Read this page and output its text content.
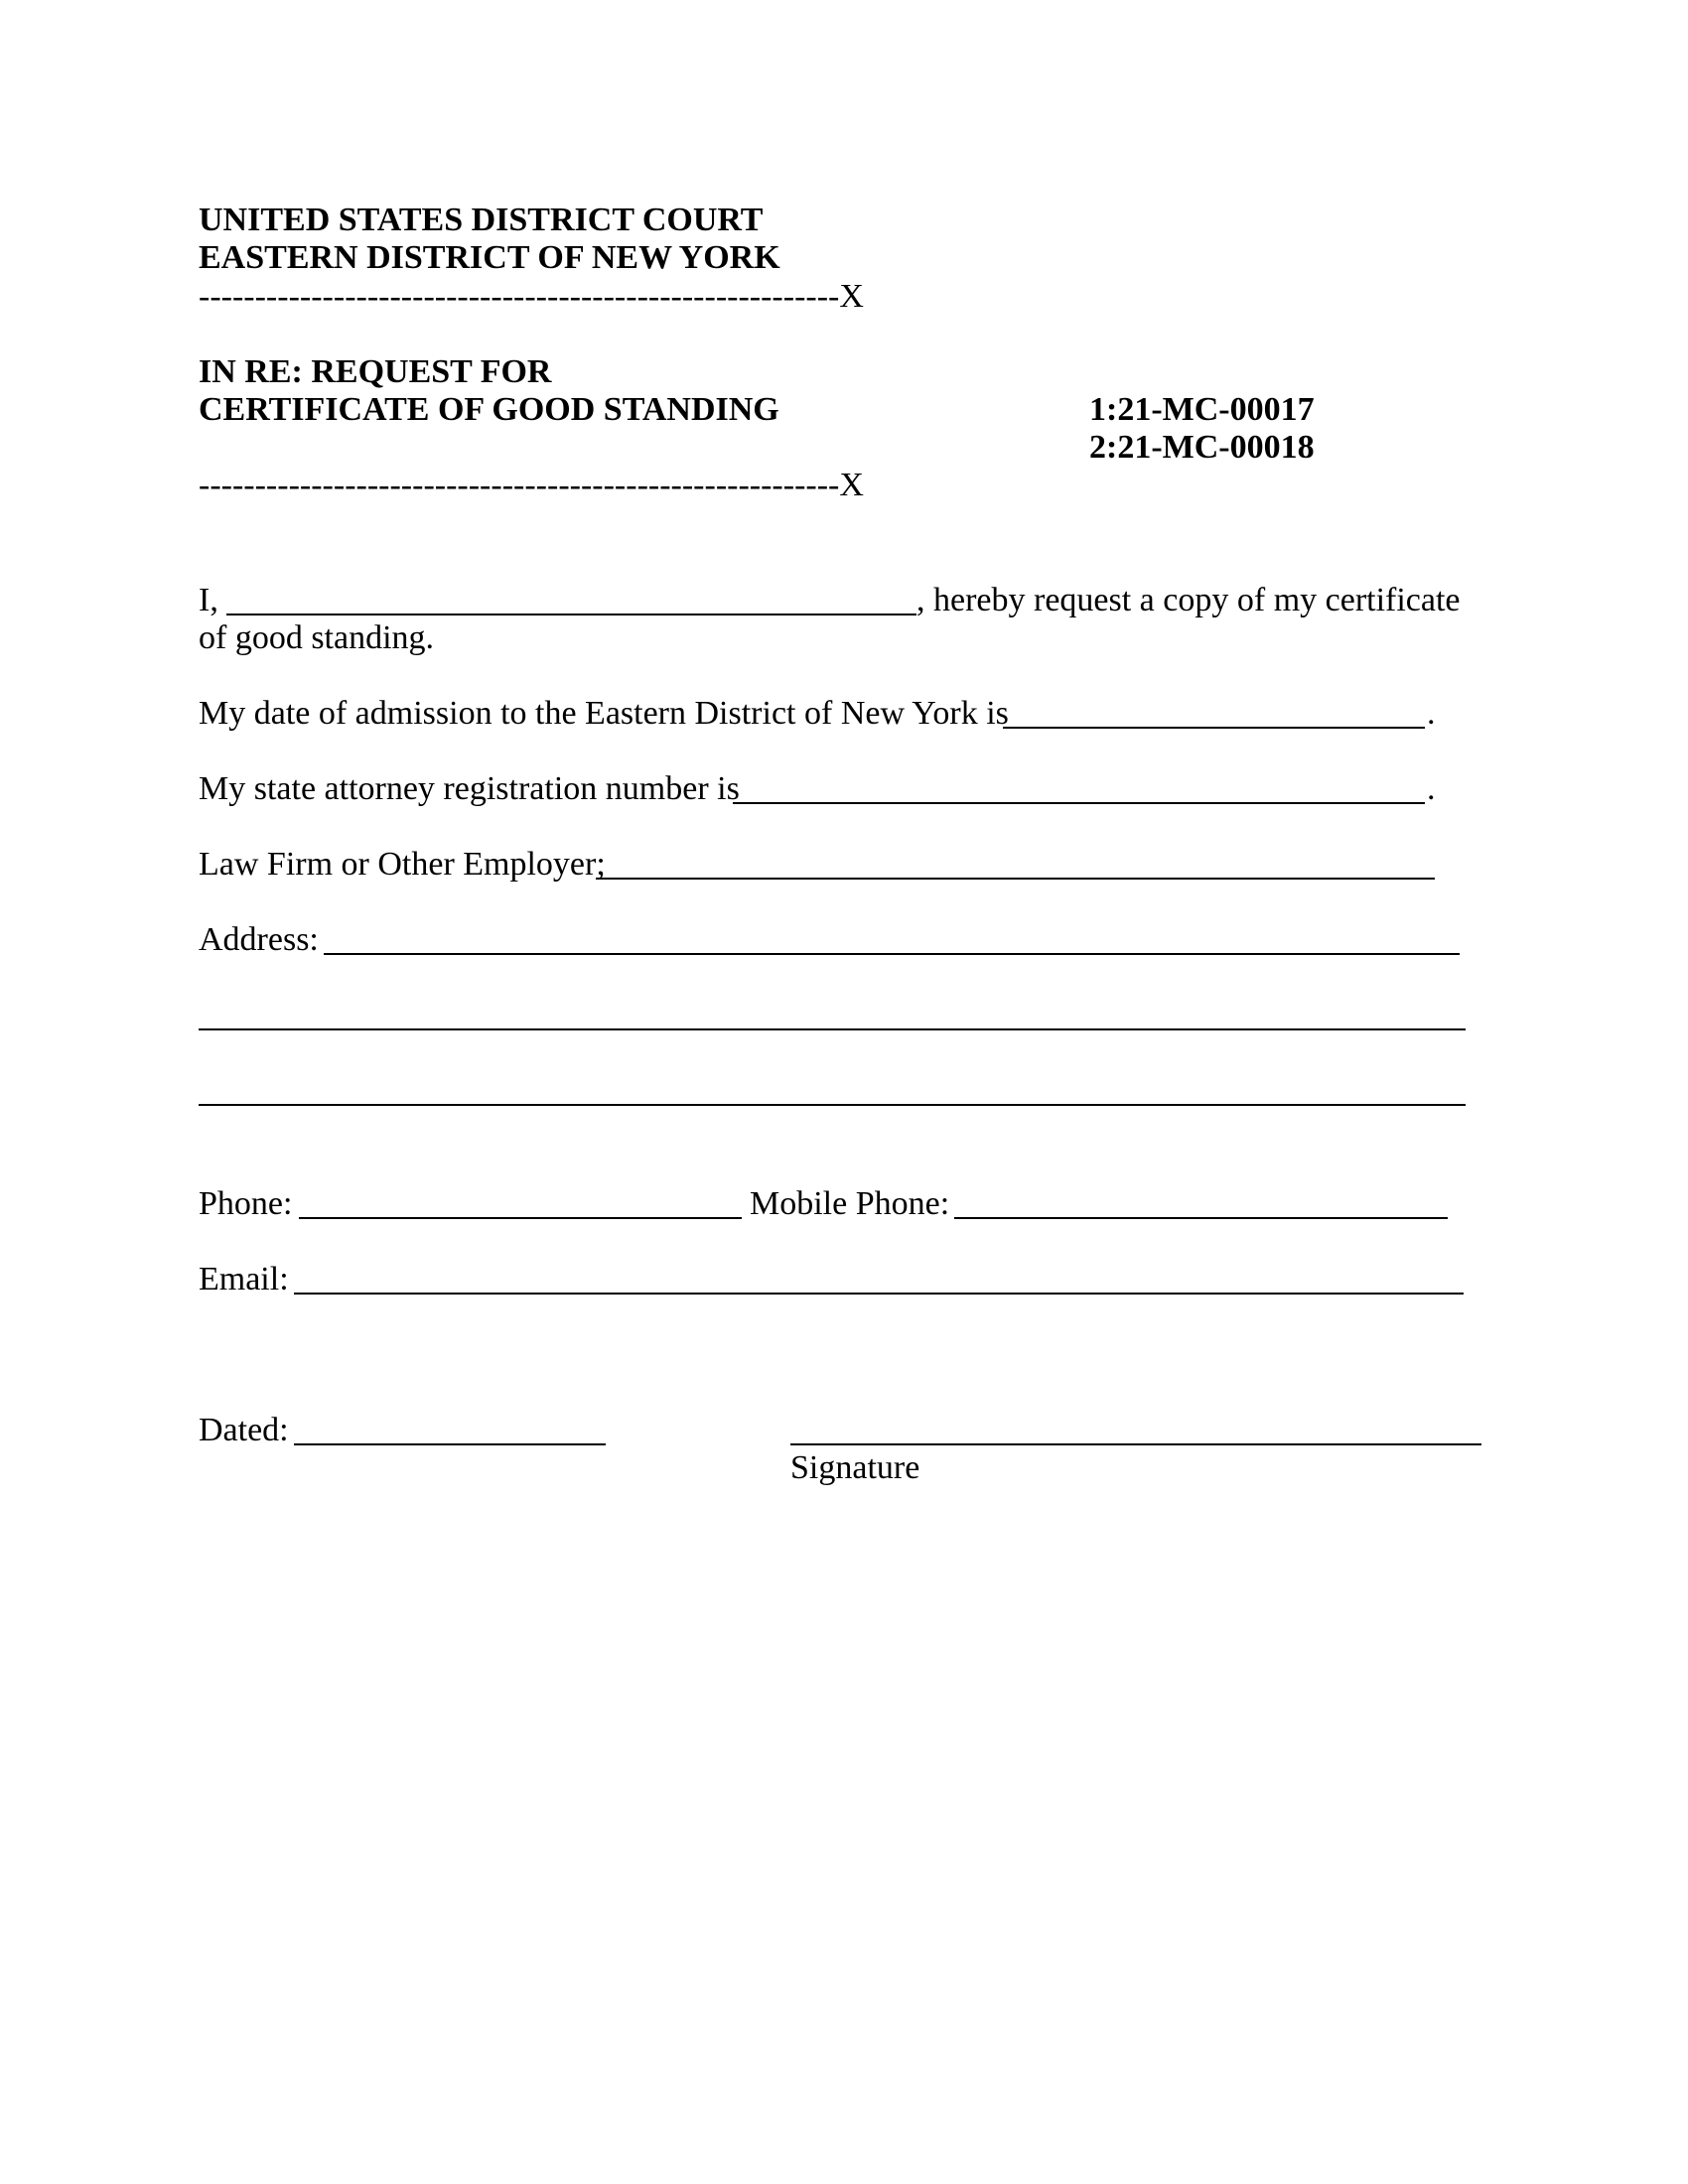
UNITED STATES DISTRICT COURT
EASTERN DISTRICT OF NEW YORK
---------------------------------------------------------X
IN RE: REQUEST FOR
CERTIFICATE OF GOOD STANDING	1:21-MC-00017
2:21-MC-00018
---------------------------------------------------------X
I,	, hereby request a copy of my certificate
of good standing.
My date of admission to the Eastern District of New York is	.
My state attorney registration number is	.
Law Firm or Other Employer;
Address:
Phone:	Mobile Phone:
Email:
Dated:
Signature
